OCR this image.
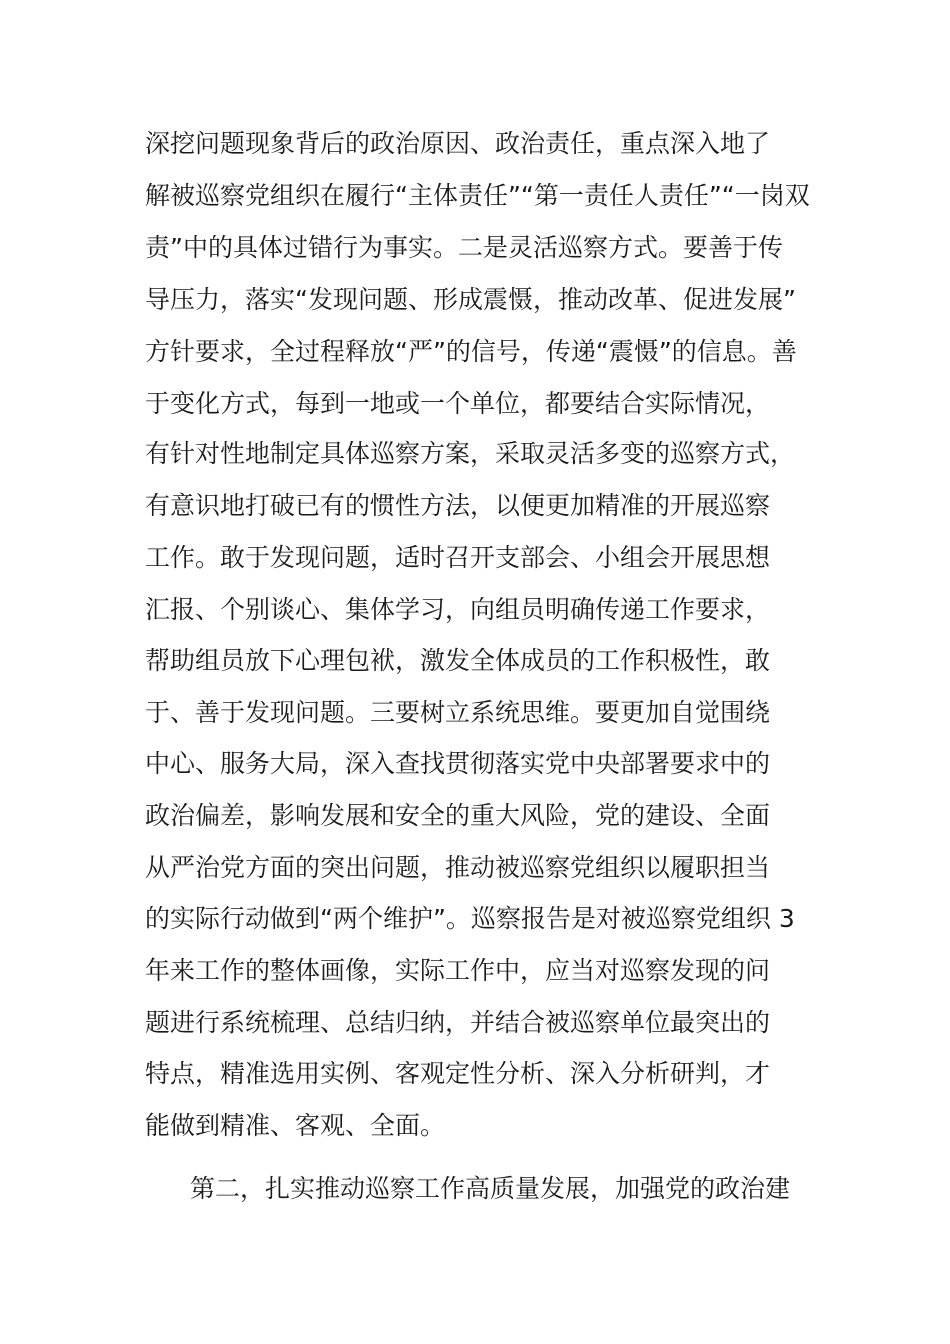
深挖问题现象背后的政治原因、政治责任，重点深入地了
解被巡察党组织在履行“主体责任”“第一责任人责任”“一岗双
责”中的具体过错行为事实。二是灵活巡察方式。要善于传
导压力，落实“发现问题、形成震慑，推动改革、促进发展”
方针要求，全过程释放“严”的信号，传递“震慑”的信息。善
于变化方式，每到一地或一个单位，都要结合实际情况，
有针对性地制定具体巡察方案，采取灵活多变的巡察方式，
有意识地打破已有的惯性方法，以便更加精准的开展巡察
工作。敢于发现问题，适时召开支部会、小组会开展思想
汇报、个别谈心、集体学习，向组员明确传递工作要求，
帮助组员放下心理包袱，激发全体成员的工作积极性，敢
于、善于发现问题。三要树立系统思维。要更加自觉围绕
中心、服务大局，深入查找贯彻落实党中央部署要求中的
政治偏差，影响发展和安全的重大风险，党的建设、全面
从严治党方面的突出问题，推动被巡察党组织以履职担当
的实际行动做到“两个维护”。巡察报告是对被巡察党组织 3
年来工作的整体画像，实际工作中，应当对巡察发现的问
题进行系统梳理、总结归纳，并结合被巡察单位最突出的
特点，精准选用实例、客观定性分析、深入分析研判，才
能做到精准、客观、全面。
第二，扎实推动巡察工作高质量发展，加强党的政治建
